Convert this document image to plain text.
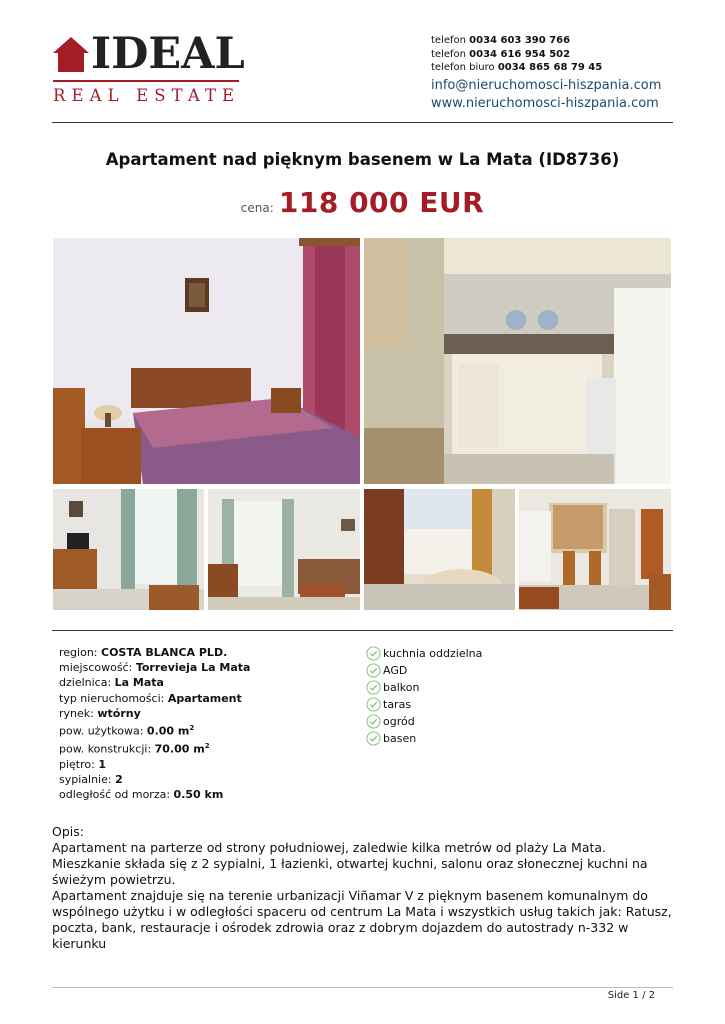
IDEAL
REAL ESTATE
telefon 0034 603 390 766
telefon 0034 616 954 502
telefon biuro 0034 865 68 79 45
info@nieruchomosci-hiszpania.com
www.nieruchomosci-hiszpania.com
Apartament nad pięknym basenem w La Mata (ID8736)
cena: 118 000 EUR
region: COSTA BLANCA PLD.
miejscowość: Torrevieja La Mata
dzielnica: La Mata
typ nieruchomości: Apartament
rynek: wtórny
pow. użytkowa: 0.00 $m^2$
pow. konstrukcji: 70.00 $m^2$
piętro: 1
sypialnie: 2
odległość od morza: 0.50 km
kuchnia oddzielna
AGD
balkon
taras
ogród
basen
Opis:
Apartament na parterze od strony południowej, zaledwie kilka metrów od plaży La Mata.
Mieszkanie składa się z 2 sypialni, 1 łazienki, otwartej kuchni, salonu oraz słonecznej kuchni na
świeżym powietrzu.
Apartament znajduje się na terenie urbanizacji Viñamar V z pięknym basenem komunalnym do
wspólnego użytku i w odległości spaceru od centrum La Mata i wszystkich usług takich jak: Ratusz,
poczta, bank, restauracje i ośrodek zdrowia oraz z dobrym dojazdem do autostrady n-332 w kierunku
Side 1 / 2
